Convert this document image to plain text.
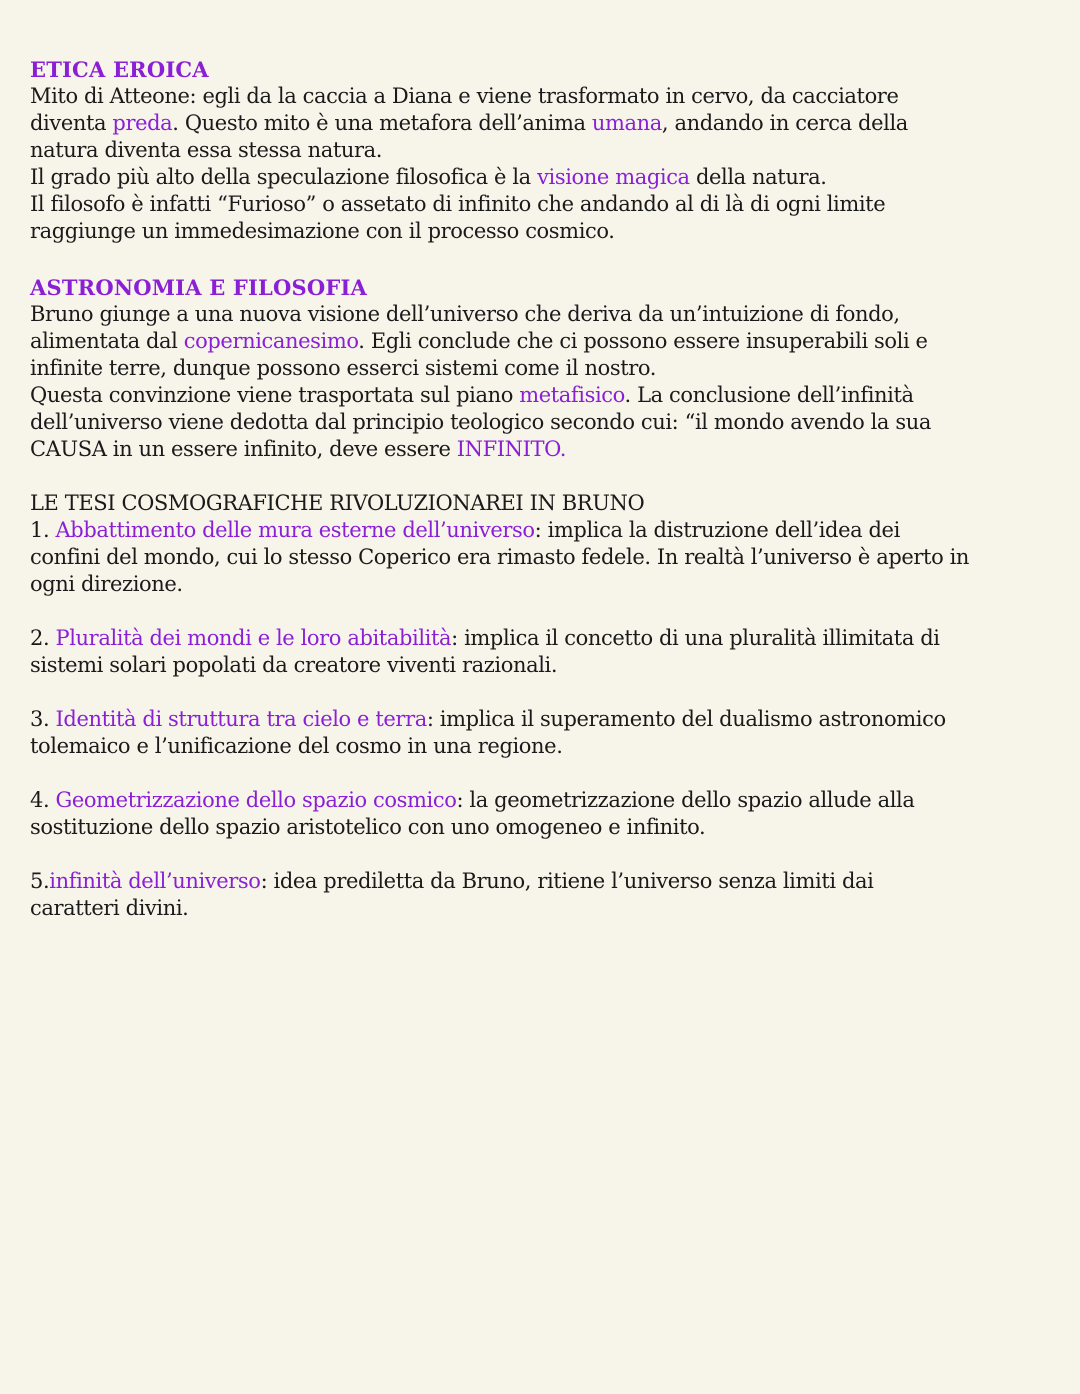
ETICA EROICA
Mito di Atteone: egli da la caccia a Diana e viene trasformato in cervo, da cacciatore
diventa preda. Questo mito è una metafora dell’anima umana, andando in cerca della
natura diventa essa stessa natura.
Il grado più alto della speculazione filosofica è la visione magica della natura.
Il filosofo è infatti “Furioso” o assetato di infinito che andando al di là di ogni limite
raggiunge un immedesimazione con il processo cosmico.
ASTRONOMIA E FILOSOFIA
Bruno giunge a una nuova visione dell’universo che deriva da un’intuizione di fondo,
alimentata dal copernicanesimo. Egli conclude che ci possono essere insuperabili soli e
infinite terre, dunque possono esserci sistemi come il nostro.
Questa convinzione viene trasportata sul piano metafisico. La conclusione dell’infinità
dell’universo viene dedotta dal principio teologico secondo cui: “il mondo avendo la sua
CAUSA in un essere infinito, deve essere INFINITO.
LE TESI COSMOGRAFICHE RIVOLUZIONAREI IN BRUNO
1. Abbattimento delle mura esterne dell’universo: implica la distruzione dell’idea dei
confini del mondo, cui lo stesso Coperico era rimasto fedele. In realtà l’universo è aperto in
ogni direzione.
2. Pluralità dei mondi e le loro abitabilità: implica il concetto di una pluralità illimitata di
sistemi solari popolati da creatore viventi razionali.
3. Identità di struttura tra cielo e terra: implica il superamento del dualismo astronomico
tolemaico e l’unificazione del cosmo in una regione.
4. Geometrizzazione dello spazio cosmico: la geometrizzazione dello spazio allude alla
sostituzione dello spazio aristotelico con uno omogeneo e infinito.
5.infinità dell’universo: idea prediletta da Bruno, ritiene l’universo senza limiti dai
caratteri divini.
